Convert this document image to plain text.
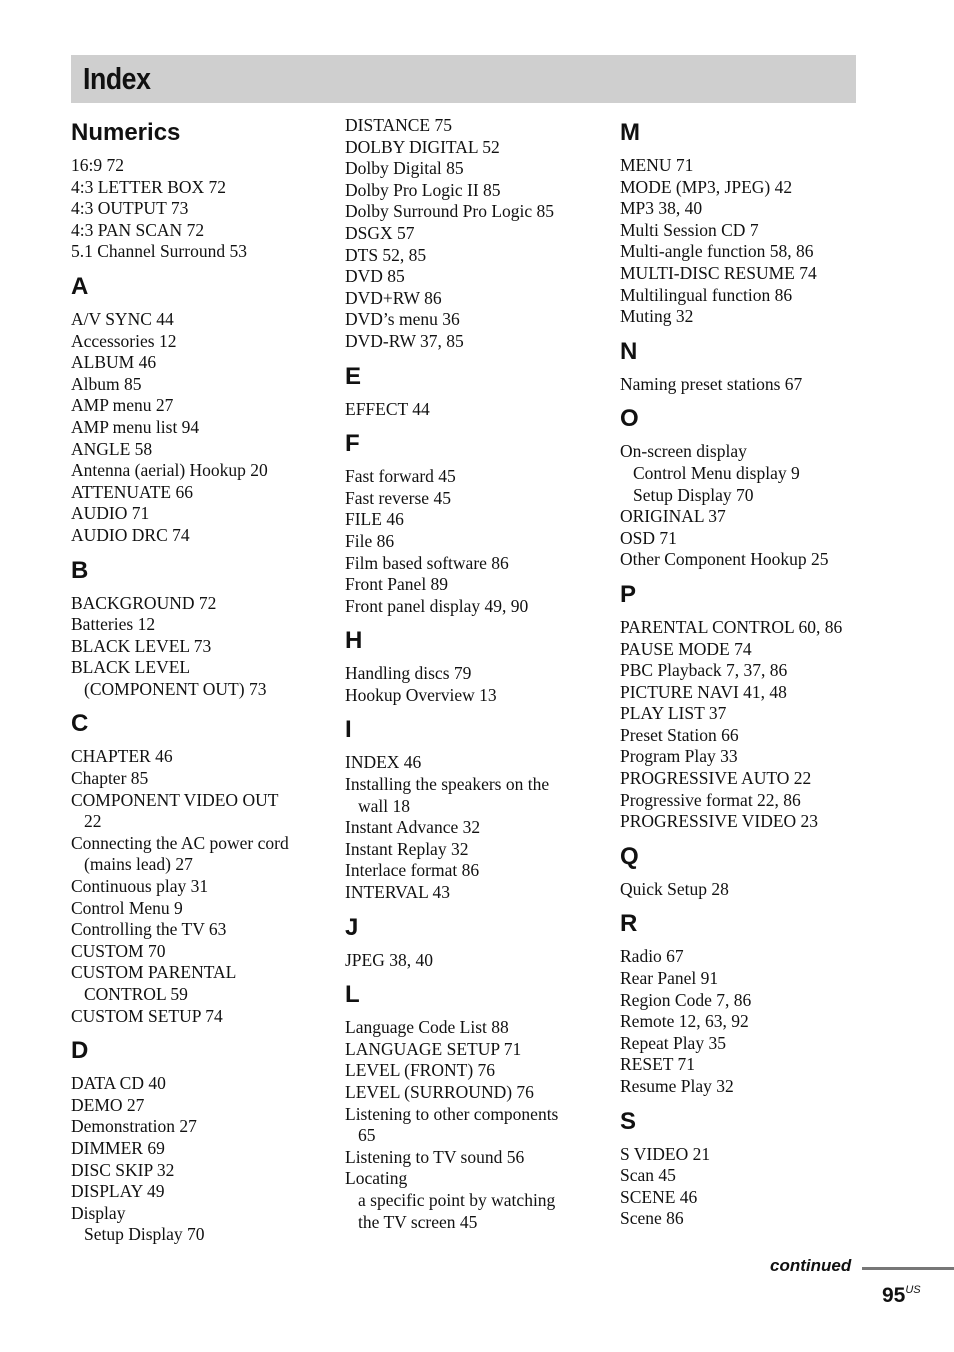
Index
Numerics
16:9 72
4:3 LETTER BOX 72
4:3 OUTPUT 73
4:3 PAN SCAN 72
5.1 Channel Surround 53
A
A/V SYNC 44
Accessories 12
ALBUM 46
Album 85
AMP menu 27
AMP menu list 94
ANGLE 58
Antenna (aerial) Hookup 20
ATTENUATE 66
AUDIO 71
AUDIO DRC 74
B
BACKGROUND 72
Batteries 12
BLACK LEVEL 73
BLACK LEVEL
(COMPONENT OUT) 73
C
CHAPTER 46
Chapter 85
COMPONENT VIDEO OUT
22
Connecting the AC power cord
(mains lead) 27
Continuous play 31
Control Menu 9
Controlling the TV 63
CUSTOM 70
CUSTOM PARENTAL
CONTROL 59
CUSTOM SETUP 74
D
DATA CD 40
DEMO 27
Demonstration 27
DIMMER 69
DISC SKIP 32
DISPLAY 49
Display
Setup Display 70
DISTANCE 75
DOLBY DIGITAL 52
Dolby Digital 85
Dolby Pro Logic II 85
Dolby Surround Pro Logic 85
DSGX 57
DTS 52, 85
DVD 85
DVD+RW 86
DVD’s menu 36
DVD-RW 37, 85
E
EFFECT 44
F
Fast forward 45
Fast reverse 45
FILE 46
File 86
Film based software 86
Front Panel 89
Front panel display 49, 90
H
Handling discs 79
Hookup Overview 13
I
INDEX 46
Installing the speakers on the
wall 18
Instant Advance 32
Instant Replay 32
Interlace format 86
INTERVAL 43
J
JPEG 38, 40
L
Language Code List 88
LANGUAGE SETUP 71
LEVEL (FRONT) 76
LEVEL (SURROUND) 76
Listening to other components
65
Listening to TV sound 56
Locating
a specific point by watching
the TV screen 45
M
MENU 71
MODE (MP3, JPEG) 42
MP3 38, 40
Multi Session CD 7
Multi-angle function 58, 86
MULTI-DISC RESUME 74
Multilingual function 86
Muting 32
N
Naming preset stations 67
O
On-screen display
Control Menu display 9
Setup Display 70
ORIGINAL 37
OSD 71
Other Component Hookup 25
P
PARENTAL CONTROL 60, 86
PAUSE MODE 74
PBC Playback 7, 37, 86
PICTURE NAVI 41, 48
PLAY LIST 37
Preset Station 66
Program Play 33
PROGRESSIVE AUTO 22
Progressive format 22, 86
PROGRESSIVE VIDEO 23
Q
Quick Setup 28
R
Radio 67
Rear Panel 91
Region Code 7, 86
Remote 12, 63, 92
Repeat Play 35
RESET 71
Resume Play 32
S
S VIDEO 21
Scan 45
SCENE 46
Scene 86
continued
$95^{US}$
